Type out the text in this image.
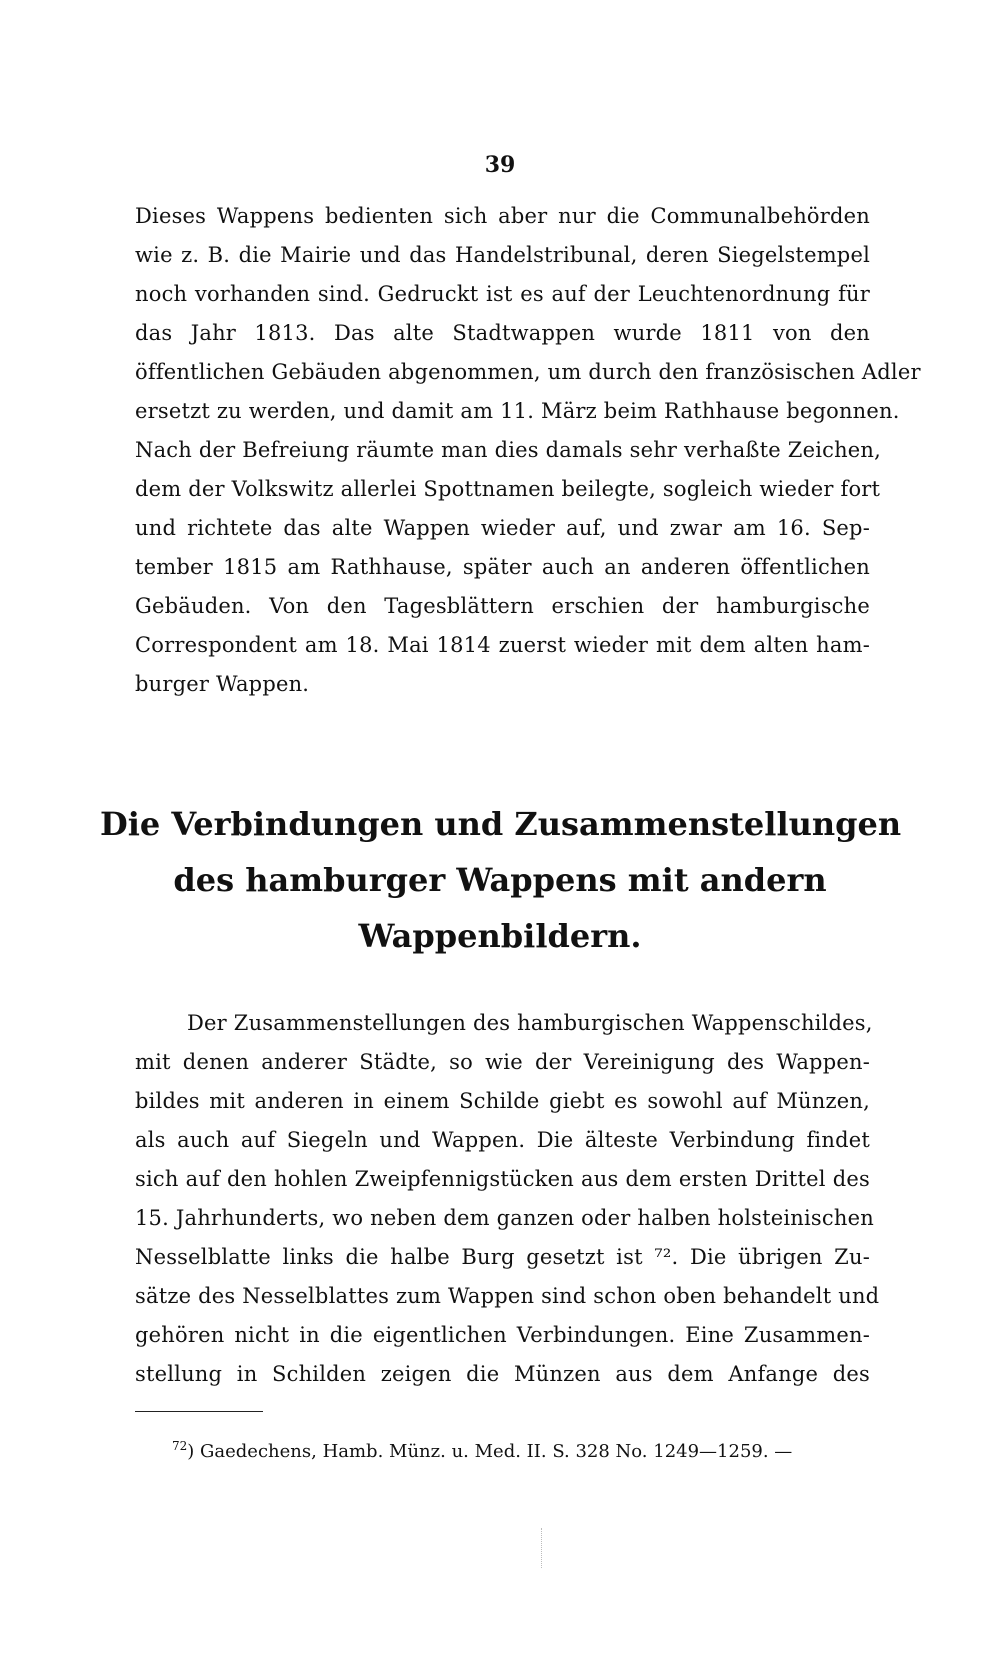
39
Dieses Wappens bedienten sich aber nur die Communalbehörden
wie z. B. die Mairie und das Handelstribunal, deren Siegelstempel
noch vorhanden sind. Gedruckt ist es auf der Leuchtenordnung für
das Jahr 1813. Das alte Stadtwappen wurde 1811 von den
öffentlichen Gebäuden abgenommen, um durch den französischen Adler
ersetzt zu werden, und damit am 11. März beim Rathhause begonnen.
Nach der Befreiung räumte man dies damals sehr verhaßte Zeichen,
dem der Volkswitz allerlei Spottnamen beilegte, sogleich wieder fort
und richtete das alte Wappen wieder auf, und zwar am 16. Sep-
tember 1815 am Rathhause, später auch an anderen öffentlichen
Gebäuden. Von den Tagesblättern erschien der hamburgische
Correspondent am 18. Mai 1814 zuerst wieder mit dem alten ham-
burger Wappen.
Die Verbindungen und Zusammenstellungen
des hamburger Wappens mit andern
Wappenbildern.
Der Zusammenstellungen des hamburgischen Wappenschildes,
mit denen anderer Städte, so wie der Vereinigung des Wappen-
bildes mit anderen in einem Schilde giebt es sowohl auf Münzen,
als auch auf Siegeln und Wappen. Die älteste Verbindung findet
sich auf den hohlen Zweipfennigstücken aus dem ersten Drittel des
15. Jahrhunderts, wo neben dem ganzen oder halben holsteinischen
Nesselblatte links die halbe Burg gesetzt ist ⁷². Die übrigen Zu-
sätze des Nesselblattes zum Wappen sind schon oben behandelt und
gehören nicht in die eigentlichen Verbindungen. Eine Zusammen-
stellung in Schilden zeigen die Münzen aus dem Anfange des
$^{72}$) Gaedechens, Hamb. Münz. u. Med. II. S. 328 No. 1249—1259. —
